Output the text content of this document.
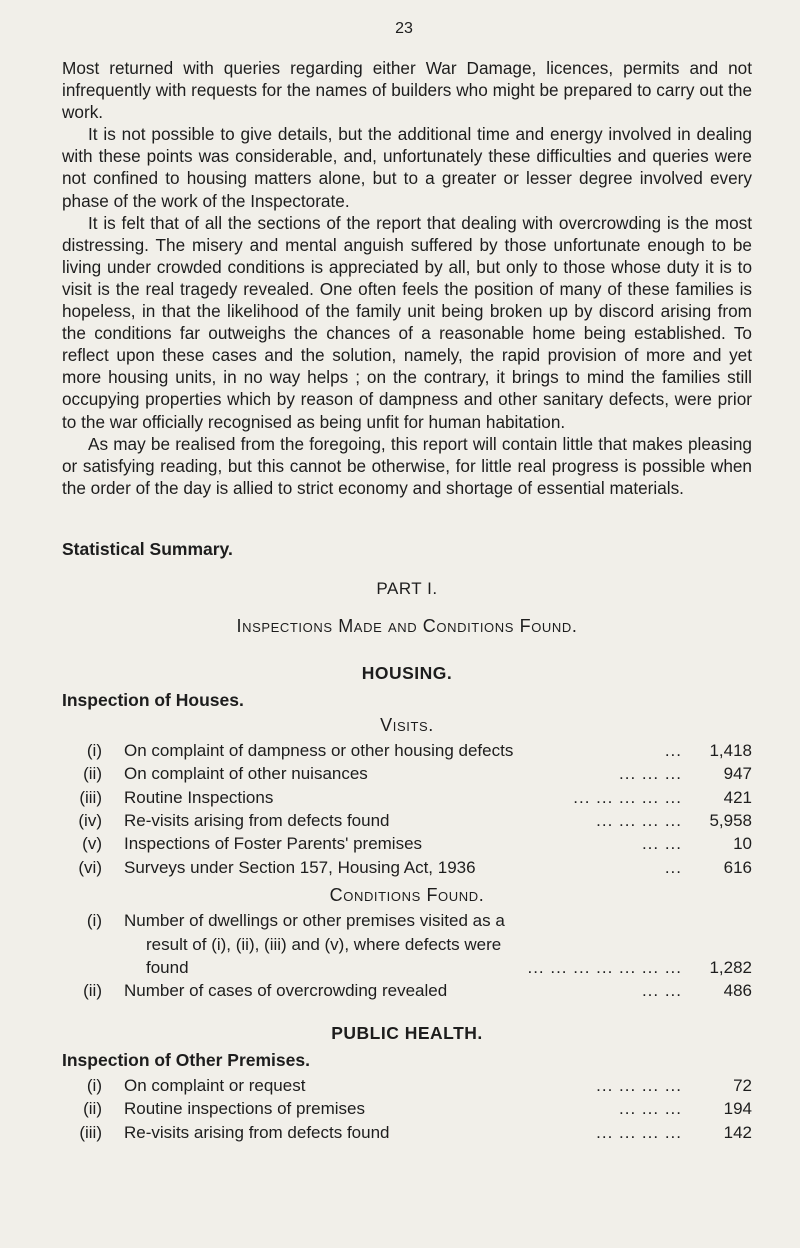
23

Most returned with queries regarding either War Damage, licences, permits and not infrequently with requests for the names of builders who might be prepared to carry out the work.

It is not possible to give details, but the additional time and energy involved in dealing with these points was considerable, and, unfortunately these difficulties and queries were not confined to housing matters alone, but to a greater or lesser degree involved every phase of the work of the Inspectorate.

It is felt that of all the sections of the report that dealing with overcrowding is the most distressing. The misery and mental anguish suffered by those unfortunate enough to be living under crowded conditions is appreciated by all, but only to those whose duty it is to visit is the real tragedy revealed. One often feels the position of many of these families is hopeless, in that the likelihood of the family unit being broken up by discord arising from the conditions far outweighs the chances of a reasonable home being established. To reflect upon these cases and the solution, namely, the rapid provision of more and yet more housing units, in no way helps ; on the contrary, it brings to mind the families still occupying properties which by reason of dampness and other sanitary defects, were prior to the war officially recognised as being unfit for human habitation.

As may be realised from the foregoing, this report will contain little that makes pleasing or satisfying reading, but this cannot be otherwise, for little real progress is possible when the order of the day is allied to strict economy and shortage of essential materials.

Statistical Summary.
PART I.
Inspections Made and Conditions Found.
HOUSING.
Inspection of Houses.
Visits.
(i)	On complaint of dampness or other housing defects	...	1,418
(ii)	On complaint of other nuisances	... ... ...	947
(iii)	Routine Inspections	... ... ... ... ...	421
(iv)	Re-visits arising from defects found	... ... ... ...	5,958
(v)	Inspections of Foster Parents' premises	... ...	10
(vi)	Surveys under Section 157, Housing Act, 1936	...	616
Conditions Found.
(i)	Number of dwellings or other premises visited as a
result of (i), (ii), (iii) and (v), where defects were
found	... ... ... ... ... ... ...	1,282
(ii)	Number of cases of overcrowding revealed	... ...	486
PUBLIC HEALTH.
Inspection of Other Premises.
(i)	On complaint or request	... ... ... ...	72
(ii)	Routine inspections of premises	... ... ...	194
(iii)	Re-visits arising from defects found	... ... ... ...	142
